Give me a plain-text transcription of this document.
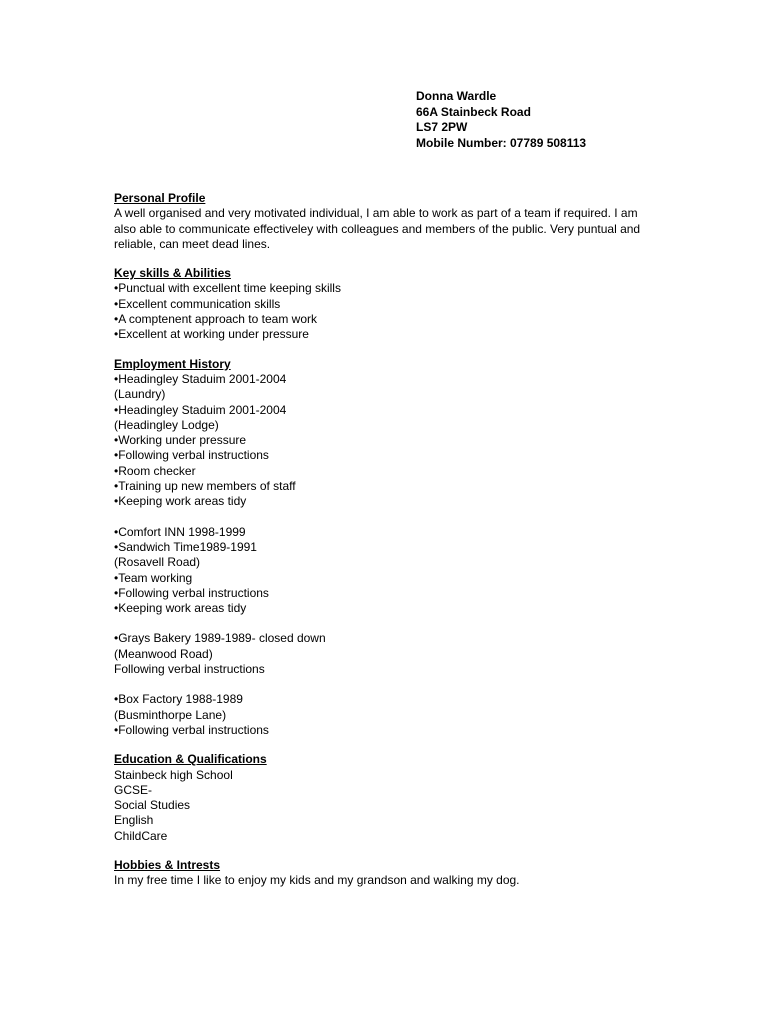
Donna Wardle
66A Stainbeck Road
LS7 2PW
Mobile Number: 07789 508113
Personal Profile
A well organised and very motivated individual, I am able to work as part of a team if required. I am also able to communicate effectiveley with colleagues and members of the public. Very puntual and reliable, can meet dead lines.
Key skills & Abilities
• Punctual with excellent time keeping skills
• Excellent communication skills
• A comptenent approach to team work
• Excellent at working under pressure
Employment History
• Headingley Staduim 2001-2004
(Laundry)
• Headingley Staduim 2001-2004
(Headingley Lodge)
• Working under pressure
• Following verbal instructions
• Room checker
• Training up new members of staff
• Keeping work areas tidy
• Comfort INN 1998-1999
• Sandwich Time1989-1991
(Rosavell Road)
• Team working
• Following verbal instructions
• Keeping work areas tidy
• Grays Bakery 1989-1989- closed down
(Meanwood Road)
Following verbal instructions
• Box Factory 1988-1989
(Busminthorpe Lane)
• Following verbal instructions
Education & Qualifications
Stainbeck high School
GCSE-
Social Studies
English
ChildCare
Hobbies & Intrests
In my free time I like to enjoy my kids and my grandson and walking my dog.
